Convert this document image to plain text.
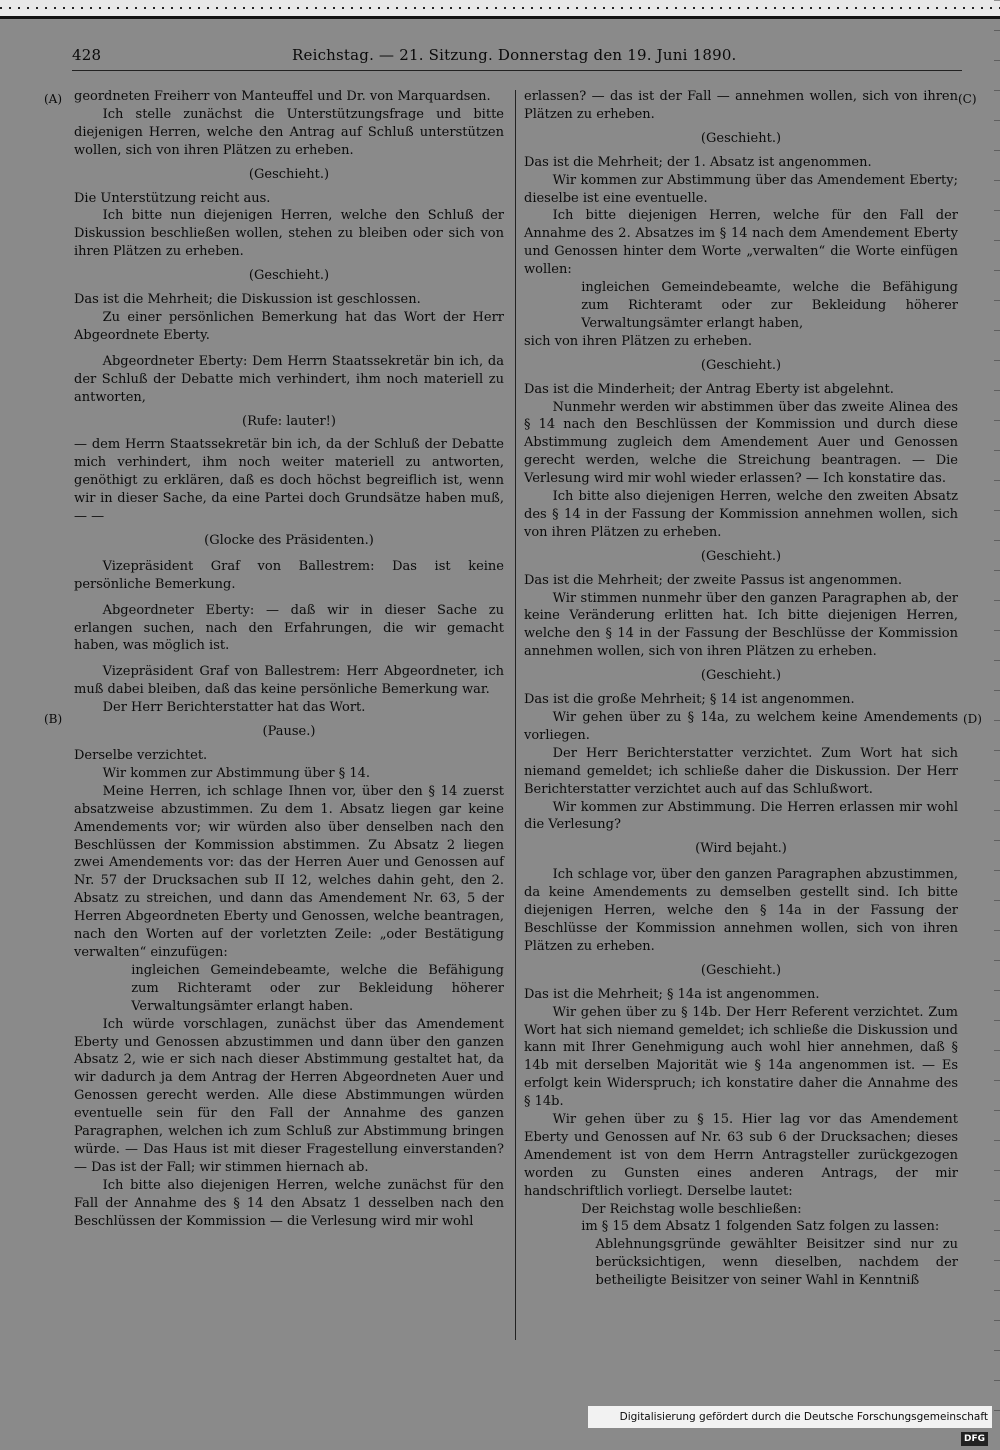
428	Reichstag. — 21. Sitzung. Donnerstag den 19. Juni 1890.
(A)
(B)
(C)
(D)

geordneten Freiherr von Manteuffel und Dr. von Marquardsen.

Ich stelle zunächst die Unterstützungsfrage und bitte diejenigen Herren, welche den Antrag auf Schluß unterstützen wollen, sich von ihren Plätzen zu erheben.

(Geschieht.)

Die Unterstützung reicht aus.

Ich bitte nun diejenigen Herren, welche den Schluß der Diskussion beschließen wollen, stehen zu bleiben oder sich von ihren Plätzen zu erheben.

(Geschieht.)

Das ist die Mehrheit; die Diskussion ist geschlossen.

Zu einer persönlichen Bemerkung hat das Wort der Herr Abgeordnete Eberty.

Abgeordneter Eberty: Dem Herrn Staatssekretär bin ich, da der Schluß der Debatte mich verhindert, ihm noch materiell zu antworten,

(Rufe: lauter!)

— dem Herrn Staatssekretär bin ich, da der Schluß der Debatte mich verhindert, ihm noch weiter materiell zu antworten, genöthigt zu erklären, daß es doch höchst begreiflich ist, wenn wir in dieser Sache, da eine Partei doch Grundsätze haben muß, — —

(Glocke des Präsidenten.)

Vizepräsident Graf von Ballestrem: Das ist keine persönliche Bemerkung.

Abgeordneter Eberty: — daß wir in dieser Sache zu erlangen suchen, nach den Erfahrungen, die wir gemacht haben, was möglich ist.

Vizepräsident Graf von Ballestrem: Herr Abgeordneter, ich muß dabei bleiben, daß das keine persönliche Bemerkung war.

Der Herr Berichterstatter hat das Wort.

(Pause.)

Derselbe verzichtet.

Wir kommen zur Abstimmung über § 14.

Meine Herren, ich schlage Ihnen vor, über den § 14 zuerst absatzweise abzustimmen. Zu dem 1. Absatz liegen gar keine Amendements vor; wir würden also über denselben nach den Beschlüssen der Kommission abstimmen. Zu Absatz 2 liegen zwei Amendements vor: das der Herren Auer und Genossen auf Nr. 57 der Drucksachen sub II 12, welches dahin geht, den 2. Absatz zu streichen, und dann das Amendement Nr. 63, 5 der Herren Abgeordneten Eberty und Genossen, welche beantragen, nach den Worten auf der vorletzten Zeile: „oder Bestätigung verwalten“ einzufügen:

ingleichen Gemeindebeamte, welche die Befähigung zum Richteramt oder zur Bekleidung höherer Verwaltungsämter erlangt haben.

Ich würde vorschlagen, zunächst über das Amendement Eberty und Genossen abzustimmen und dann über den ganzen Absatz 2, wie er sich nach dieser Abstimmung gestaltet hat, da wir dadurch ja dem Antrag der Herren Abgeordneten Auer und Genossen gerecht werden. Alle diese Abstimmungen würden eventuelle sein für den Fall der Annahme des ganzen Paragraphen, welchen ich zum Schluß zur Abstimmung bringen würde. — Das Haus ist mit dieser Fragestellung einverstanden? — Das ist der Fall; wir stimmen hiernach ab.

Ich bitte also diejenigen Herren, welche zunächst für den Fall der Annahme des § 14 den Absatz 1 desselben nach den Beschlüssen der Kommission — die Verlesung wird mir wohl

erlassen? — das ist der Fall — annehmen wollen, sich von ihren Plätzen zu erheben.

(Geschieht.)

Das ist die Mehrheit; der 1. Absatz ist angenommen.

Wir kommen zur Abstimmung über das Amendement Eberty; dieselbe ist eine eventuelle.

Ich bitte diejenigen Herren, welche für den Fall der Annahme des 2. Absatzes im § 14 nach dem Amendement Eberty und Genossen hinter dem Worte „verwalten“ die Worte einfügen wollen:

ingleichen Gemeindebeamte, welche die Befähigung zum Richteramt oder zur Bekleidung höherer Verwaltungsämter erlangt haben,

sich von ihren Plätzen zu erheben.

(Geschieht.)

Das ist die Minderheit; der Antrag Eberty ist abgelehnt.

Nunmehr werden wir abstimmen über das zweite Alinea des § 14 nach den Beschlüssen der Kommission und durch diese Abstimmung zugleich dem Amendement Auer und Genossen gerecht werden, welche die Streichung beantragen. — Die Verlesung wird mir wohl wieder erlassen? — Ich konstatire das.

Ich bitte also diejenigen Herren, welche den zweiten Absatz des § 14 in der Fassung der Kommission annehmen wollen, sich von ihren Plätzen zu erheben.

(Geschieht.)

Das ist die Mehrheit; der zweite Passus ist angenommen.

Wir stimmen nunmehr über den ganzen Paragraphen ab, der keine Veränderung erlitten hat. Ich bitte diejenigen Herren, welche den § 14 in der Fassung der Beschlüsse der Kommission annehmen wollen, sich von ihren Plätzen zu erheben.

(Geschieht.)

Das ist die große Mehrheit; § 14 ist angenommen.

Wir gehen über zu § 14a, zu welchem keine Amendements vorliegen.

Der Herr Berichterstatter verzichtet. Zum Wort hat sich niemand gemeldet; ich schließe daher die Diskussion. Der Herr Berichterstatter verzichtet auch auf das Schlußwort.

Wir kommen zur Abstimmung. Die Herren erlassen mir wohl die Verlesung?

(Wird bejaht.)

Ich schlage vor, über den ganzen Paragraphen abzustimmen, da keine Amendements zu demselben gestellt sind. Ich bitte diejenigen Herren, welche den § 14a in der Fassung der Beschlüsse der Kommission annehmen wollen, sich von ihren Plätzen zu erheben.

(Geschieht.)

Das ist die Mehrheit; § 14a ist angenommen.

Wir gehen über zu § 14b. Der Herr Referent verzichtet. Zum Wort hat sich niemand gemeldet; ich schließe die Diskussion und kann mit Ihrer Genehmigung auch wohl hier annehmen, daß § 14b mit derselben Majorität wie § 14a angenommen ist. — Es erfolgt kein Widerspruch; ich konstatire daher die Annahme des § 14b.

Wir gehen über zu § 15. Hier lag vor das Amendement Eberty und Genossen auf Nr. 63 sub 6 der Drucksachen; dieses Amendement ist von dem Herrn Antragsteller zurückgezogen worden zu Gunsten eines anderen Antrags, der mir handschriftlich vorliegt. Derselbe lautet:

Der Reichstag wolle beschließen:

im § 15 dem Absatz 1 folgenden Satz folgen zu lassen:

Ablehnungsgründe gewählter Beisitzer sind nur zu berücksichtigen, wenn dieselben, nachdem der betheiligte Beisitzer von seiner Wahl in Kenntniß

Digitalisierung gefördert durch die Deutsche Forschungsgemeinschaft DFG
